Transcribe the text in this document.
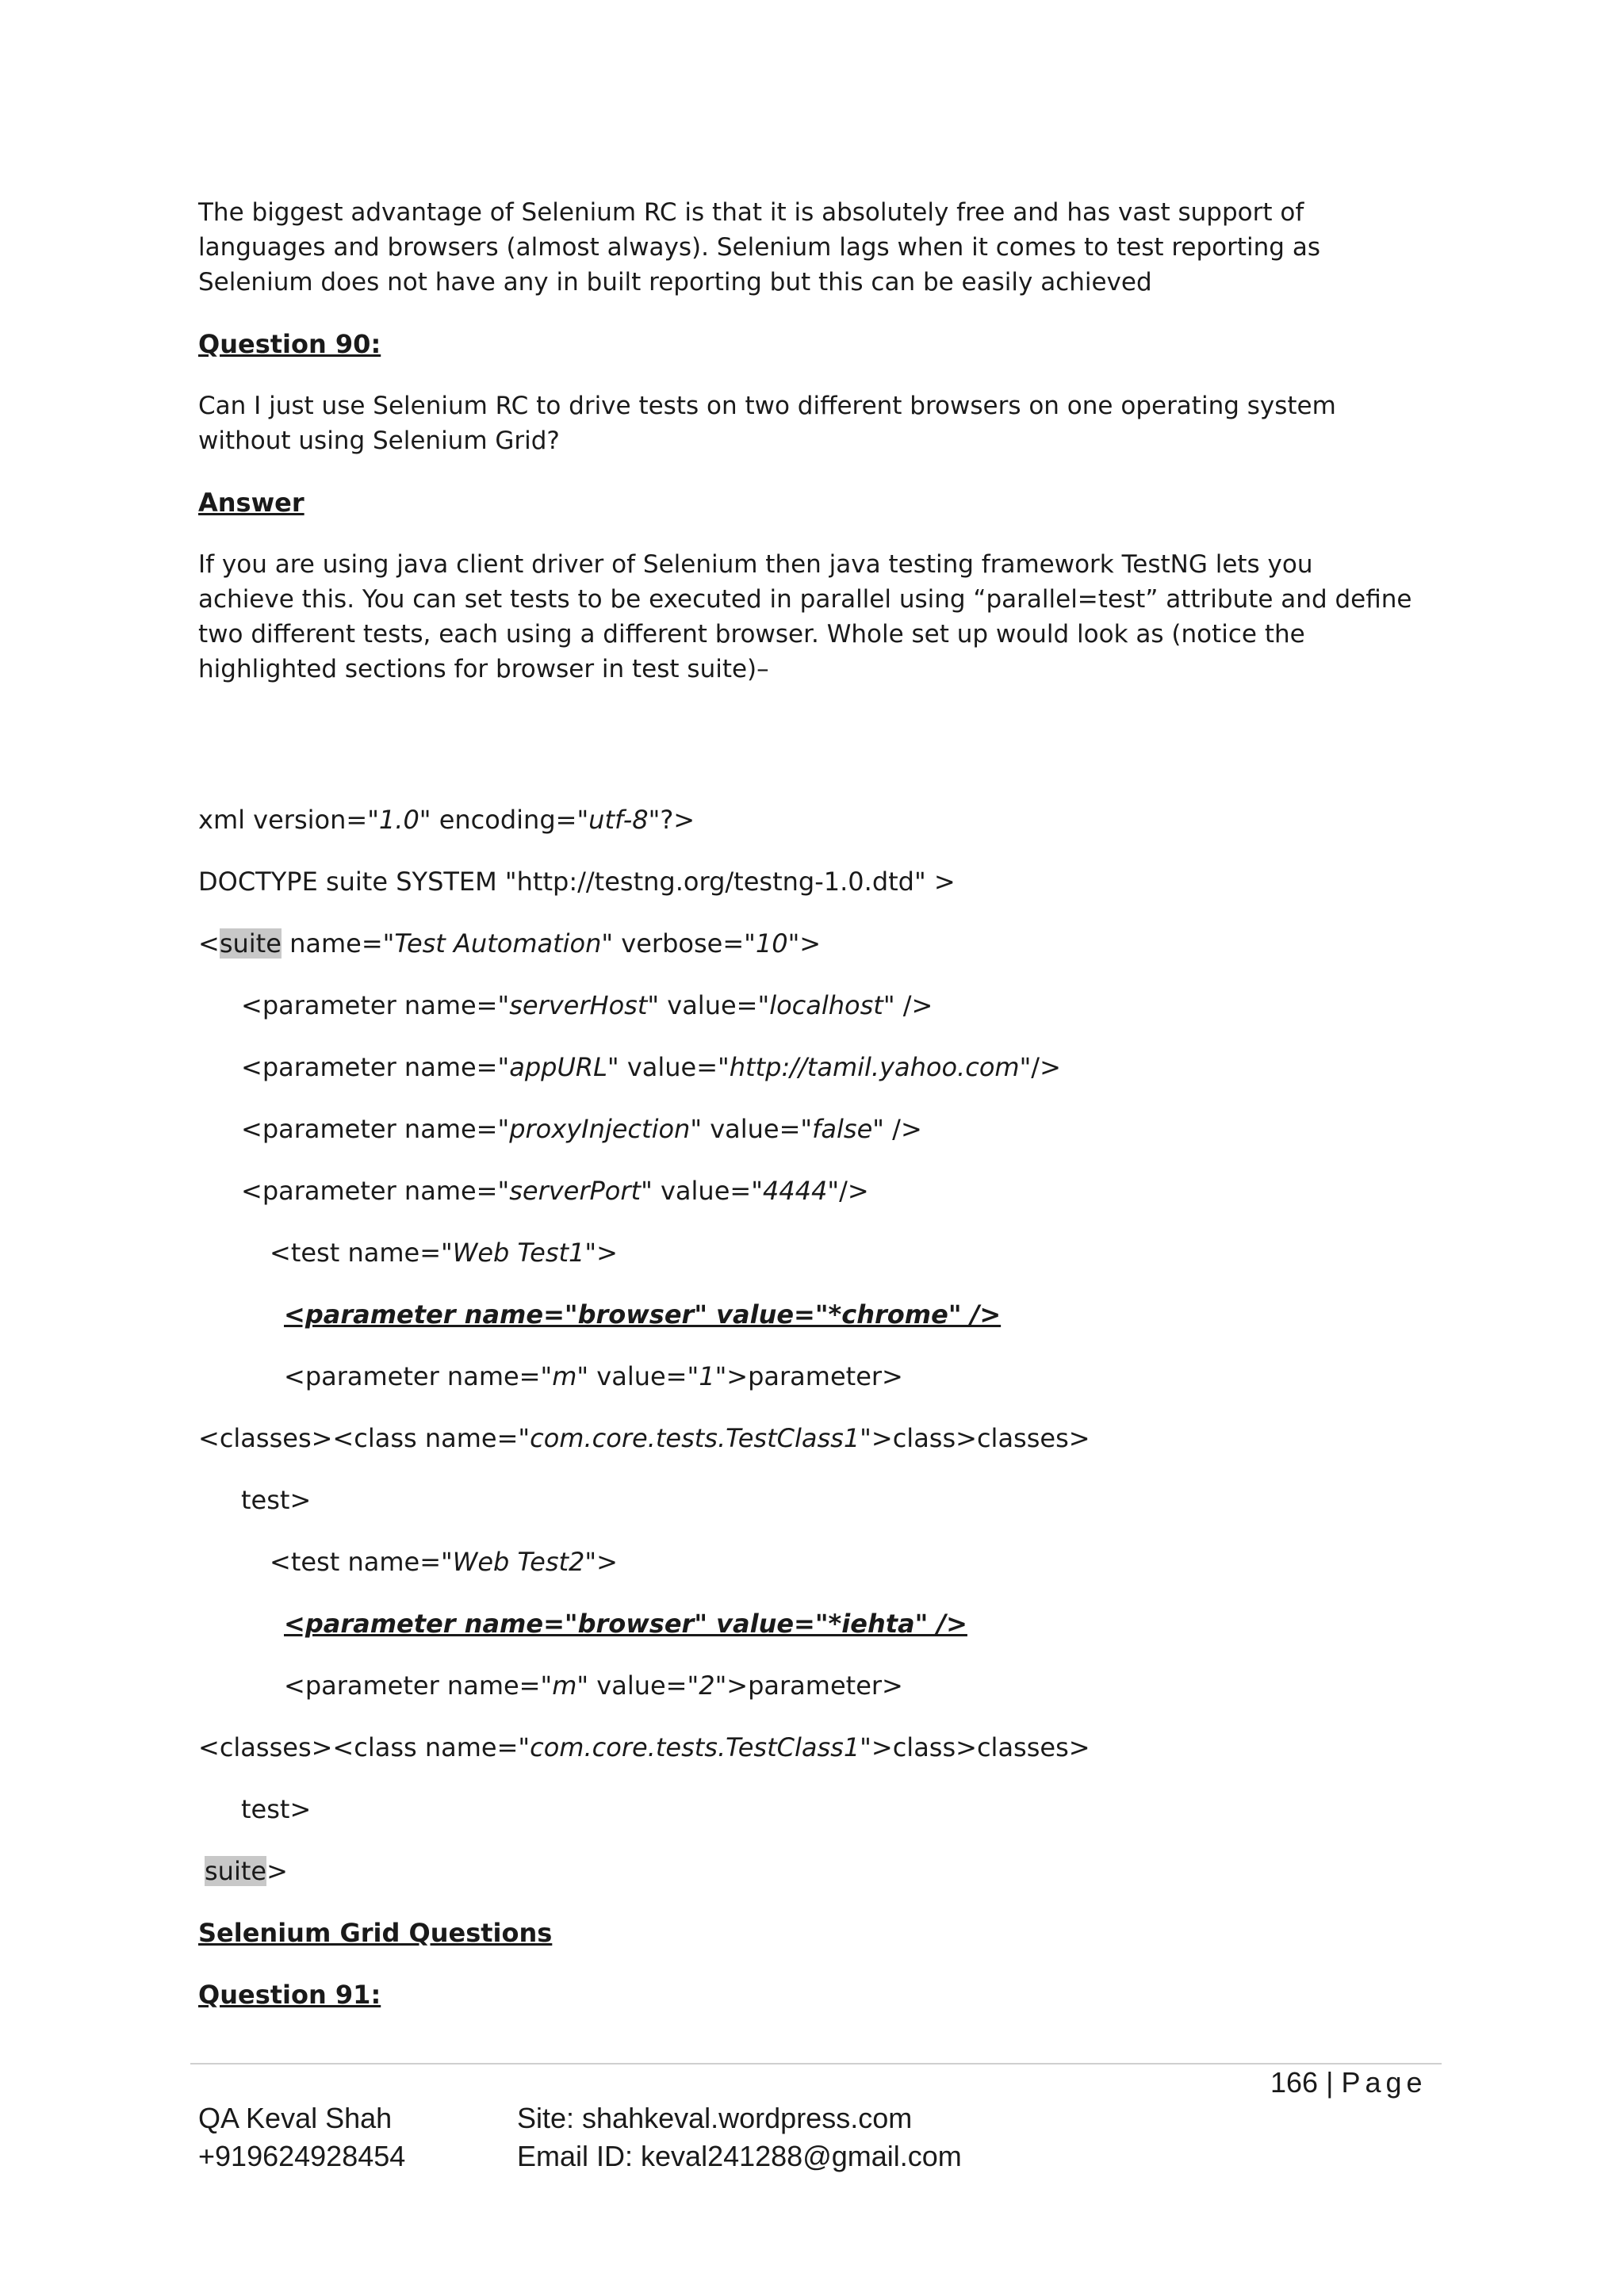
The biggest advantage of Selenium RC is that it is absolutely free and has vast support of
languages and browsers (almost always). Selenium lags when it comes to test reporting as
Selenium does not have any in built reporting but this can be easily achieved

Question 90:

Can I just use Selenium RC to drive tests on two different browsers on one operating system
without using Selenium Grid?

Answer

If you are using java client driver of Selenium then java testing framework TestNG lets you
achieve this. You can set tests to be executed in parallel using “parallel=test” attribute and define
two different tests, each using a different browser. Whole set up would look as (notice the
highlighted sections for browser in test suite)–

xml version="1.0" encoding="utf-8"?>
DOCTYPE suite SYSTEM "http://testng.org/testng-1.0.dtd" >
<suite name="Test Automation" verbose="10">
<parameter name="serverHost" value="localhost" />
<parameter name="appURL" value="http://tamil.yahoo.com"/>
<parameter name="proxyInjection" value="false" />
<parameter name="serverPort" value="4444"/>
<test name="Web Test1">
<parameter name="browser" value="*chrome" />
<parameter name="m" value="1">parameter>
<classes><class name="com.core.tests.TestClass1">class>classes>
test>
<test name="Web Test2">
<parameter name="browser" value="*iehta" />
<parameter name="m" value="2">parameter>
<classes><class name="com.core.tests.TestClass1">class>classes>
test>
suite>
Selenium Grid Questions
Question 91:
166 | Page
QA Keval Shah
+919624928454
Site: shahkeval.wordpress.com
Email ID: keval241288@gmail.com
